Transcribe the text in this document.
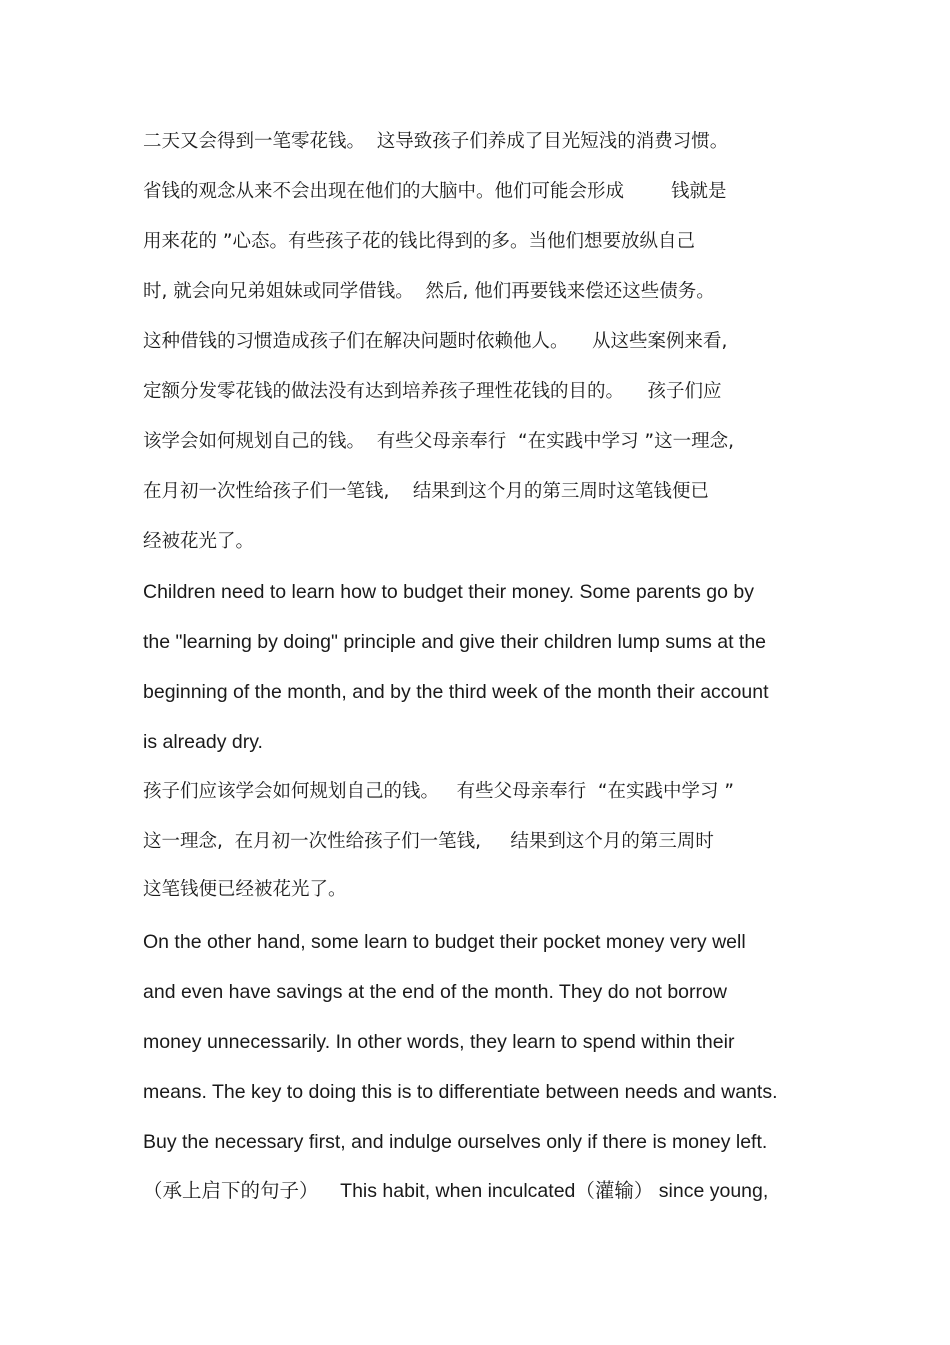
二天又会得到一笔零花钱。  这导致孩子们养成了目光短浅的消费习惯。
省钱的观念从来不会出现在他们的大脑中。他们可能会形成        钱就是
用来花的 ”心态。有些孩子花的钱比得到的多。当他们想要放纵自己
时, 就会向兄弟姐妹或同学借钱。  然后, 他们再要钱来偿还这些债务。
这种借钱的习惯造成孩子们在解决问题时依赖他人。    从这些案例来看,
定额分发零花钱的做法没有达到培养孩子理性花钱的目的。    孩子们应
该学会如何规划自己的钱。  有些父母亲奉行  “在实践中学习 ”这一理念,
在月初一次性给孩子们一笔钱,    结果到这个月的第三周时这笔钱便已
经被花光了。
Children need to learn how to budget their money. Some parents go by
the "learning by doing" principle and give their children lump sums at the
beginning of the month, and by the third week of the month their account
is already dry.
孩子们应该学会如何规划自己的钱。   有些父母亲奉行  “在实践中学习 ”
这一理念,  在月初一次性给孩子们一笔钱,     结果到这个月的第三周时
这笔钱便已经被花光了。
On the other hand, some learn to budget their pocket money very well
and even have savings at the end of the month. They do not borrow
money unnecessarily. In other words, they learn to spend within their
means. The key to doing this is to differentiate between needs and wants.
Buy the necessary first, and indulge ourselves only if there is money left.
（承上启下的句子）    This habit, when inculcated（灌输） since young,
